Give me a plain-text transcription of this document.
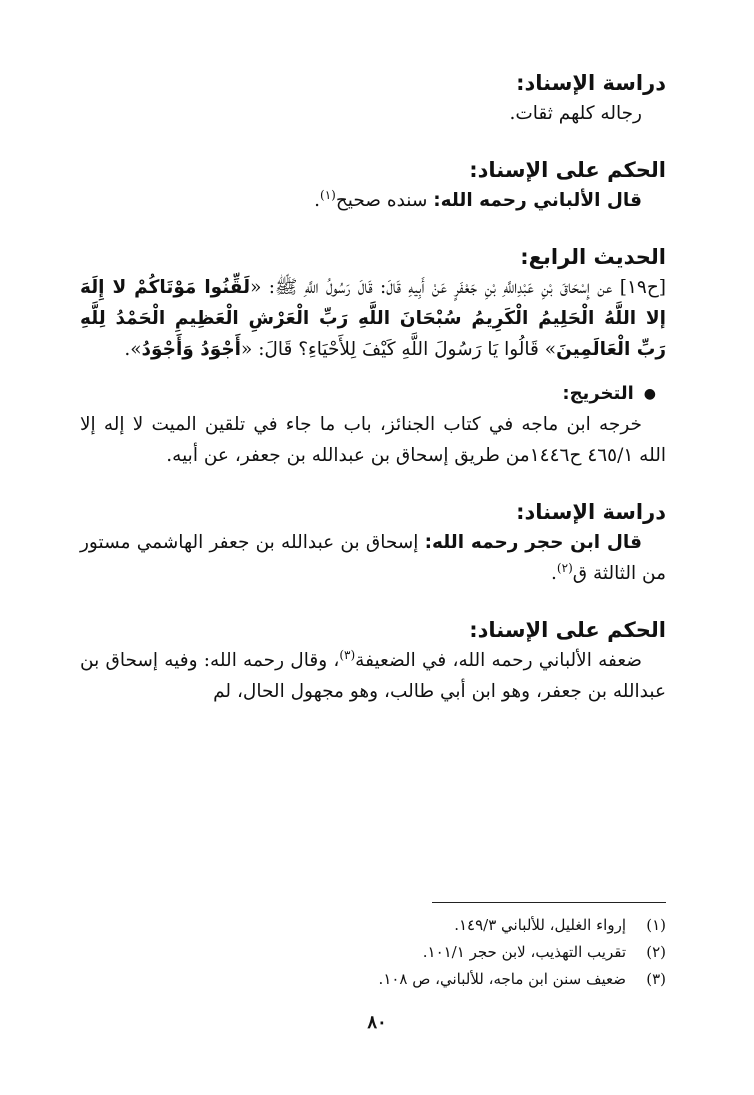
دراسة الإسناد:

رجاله كلهم ثقات.

الحكم على الإسناد:

قال الألباني رحمه الله: سنده صحيح$^{(١)}$.

الحديث الرابع:

[ح١٩] عن إِسْحَاقَ بْنِ عَبْدِاللَّهِ بْنِ جَعْفَرٍ عَنْ أَبِيهِ قَالَ: قَالَ رَسُولُ اللَّهِ ﷺ: «لَقِّنُوا مَوْتَاكُمْ لا إِلَهَ إلا اللَّهُ الْحَلِيمُ الْكَرِيمُ سُبْحَانَ اللَّهِ رَبِّ الْعَرْشِ الْعَظِيمِ الْحَمْدُ لِلَّهِ رَبِّ الْعَالَمِينَ» قَالُوا يَا رَسُولَ اللَّهِ كَيْفَ لِلأَحْيَاءِ؟ قَالَ: «أَجْوَدُ وَأَجْوَدُ».

●
التخريج:

خرجه ابن ماجه في كتاب الجنائز، باب ما جاء في تلقين الميت لا إله إلا الله ٤٦٥/١ ح١٤٤٦من طريق إسحاق بن عبدالله بن جعفر، عن أبيه.

دراسة الإسناد:

قال ابن حجر رحمه الله: إسحاق بن عبدالله بن جعفر الهاشمي مستور من الثالثة ق$^{(٢)}$.

الحكم على الإسناد:

ضعفه الألباني رحمه الله، في الضعيفة$^{(٣)}$، وقال رحمه الله: وفيه إسحاق بن عبدالله بن جعفر، وهو ابن أبي طالب، وهو مجهول الحال، لم

(١)
إرواء الغليل، للألباني ١٤٩/٣.
(٢)
تقريب التهذيب، لابن حجر ١٠١/١.
(٣)
ضعيف سنن ابن ماجه، للألباني، ص ١٠٨.
٨٠
